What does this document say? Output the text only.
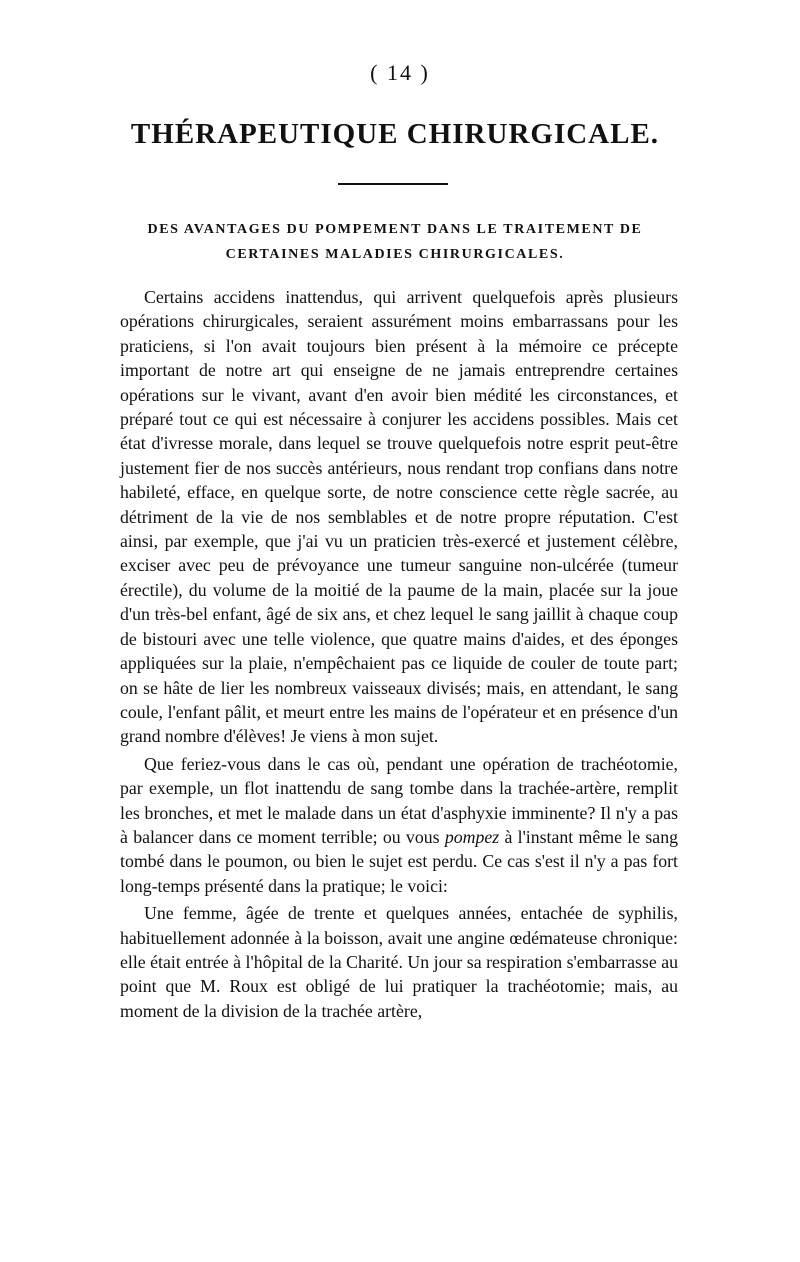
( 14 )
THÉRAPEUTIQUE CHIRURGICALE.
DES AVANTAGES DU POMPEMENT DANS LE TRAITEMENT DE CERTAINES MALADIES CHIRURGICALES.

Certains accidens inattendus, qui arrivent quelquefois après plusieurs opérations chirurgicales, seraient assurément moins embarrassans pour les praticiens, si l'on avait toujours bien présent à la mémoire ce précepte important de notre art qui enseigne de ne jamais entreprendre certaines opérations sur le vivant, avant d'en avoir bien médité les circonstances, et préparé tout ce qui est nécessaire à conjurer les accidens possibles. Mais cet état d'ivresse morale, dans lequel se trouve quelquefois notre esprit peut-être justement fier de nos succès antérieurs, nous rendant trop confians dans notre habileté, efface, en quelque sorte, de notre conscience cette règle sacrée, au détriment de la vie de nos semblables et de notre propre réputation. C'est ainsi, par exemple, que j'ai vu un praticien très-exercé et justement célèbre, exciser avec peu de prévoyance une tumeur sanguine non-ulcérée (tumeur érectile), du volume de la moitié de la paume de la main, placée sur la joue d'un très-bel enfant, âgé de six ans, et chez lequel le sang jaillit à chaque coup de bistouri avec une telle violence, que quatre mains d'aides, et des éponges appliquées sur la plaie, n'empêchaient pas ce liquide de couler de toute part; on se hâte de lier les nombreux vaisseaux divisés; mais, en attendant, le sang coule, l'enfant pâlit, et meurt entre les mains de l'opérateur et en présence d'un grand nombre d'élèves! Je viens à mon sujet.

Que feriez-vous dans le cas où, pendant une opération de trachéotomie, par exemple, un flot inattendu de sang tombe dans la trachée-artère, remplit les bronches, et met le malade dans un état d'asphyxie imminente? Il n'y a pas à balancer dans ce moment terrible; ou vous pompez à l'instant même le sang tombé dans le poumon, ou bien le sujet est perdu. Ce cas s'est il n'y a pas fort long-temps présenté dans la pratique; le voici:

Une femme, âgée de trente et quelques années, entachée de syphilis, habituellement adonnée à la boisson, avait une angine œdémateuse chronique: elle était entrée à l'hôpital de la Charité. Un jour sa respiration s'embarrasse au point que M. Roux est obligé de lui pratiquer la trachéotomie; mais, au moment de la division de la trachée artère,
